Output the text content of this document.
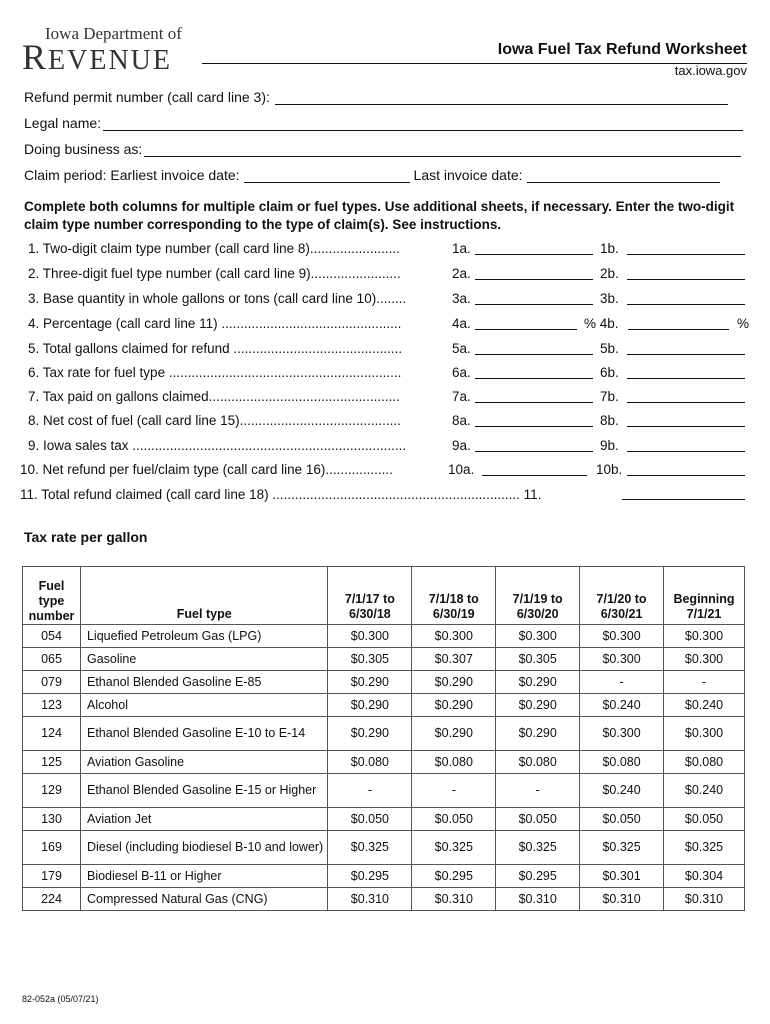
Iowa Department of
REVENUE	Iowa Fuel Tax Refund Worksheet
tax.iowa.gov
Refund permit number (call card line 3):
Legal name:
Doing business as:
Claim period: Earliest invoice date:	Last invoice date:
Complete both columns for multiple claim or fuel types. Use additional sheets, if necessary. Enter the two-digit claim type number corresponding to the type of claim(s). See instructions.
1. Two-digit claim type number (call card line 8)........................	1a.	1b.
2. Three-digit fuel type number (call card line 9)........................	2a.	2b.
3. Base quantity in whole gallons or tons (call card line 10)........	3a.	3b.
4. Percentage (call card line 11) ................................................	4a.	% 4b.	%
5. Total gallons claimed for refund .............................................	5a.	5b.
6. Tax rate for fuel type ..............................................................	6a.	6b.
7. Tax paid on gallons claimed...................................................	7a.	7b.
8. Net cost of fuel (call card line 15)...........................................	8a.	8b.
9. Iowa sales tax .........................................................................	9a.	9b.
10. Net refund per fuel/claim type (call card line 16)..................	10a.	10b.
11. Total refund claimed (call card line 18) .................................................................. 11.
Tax rate per gallon
Fuel type number	Fuel type	7/1/17 to 6/30/18	7/1/18 to 6/30/19	7/1/19 to 6/30/20	7/1/20 to 6/30/21	Beginning 7/1/21
054	Liquefied Petroleum Gas (LPG)	$0.300	$0.300	$0.300	$0.300	$0.300
065	Gasoline	$0.305	$0.307	$0.305	$0.300	$0.300
079	Ethanol Blended Gasoline E-85	$0.290	$0.290	$0.290	-	-
123	Alcohol	$0.290	$0.290	$0.290	$0.240	$0.240
124	Ethanol Blended Gasoline E-10 to E-14	$0.290	$0.290	$0.290	$0.300	$0.300
125	Aviation Gasoline	$0.080	$0.080	$0.080	$0.080	$0.080
129	Ethanol Blended Gasoline E-15 or Higher	-	-	-	$0.240	$0.240
130	Aviation Jet	$0.050	$0.050	$0.050	$0.050	$0.050
169	Diesel (including biodiesel B-10 and lower)	$0.325	$0.325	$0.325	$0.325	$0.325
179	Biodiesel B-11 or Higher	$0.295	$0.295	$0.295	$0.301	$0.304
224	Compressed Natural Gas (CNG)	$0.310	$0.310	$0.310	$0.310	$0.310
82-052a (05/07/21)
